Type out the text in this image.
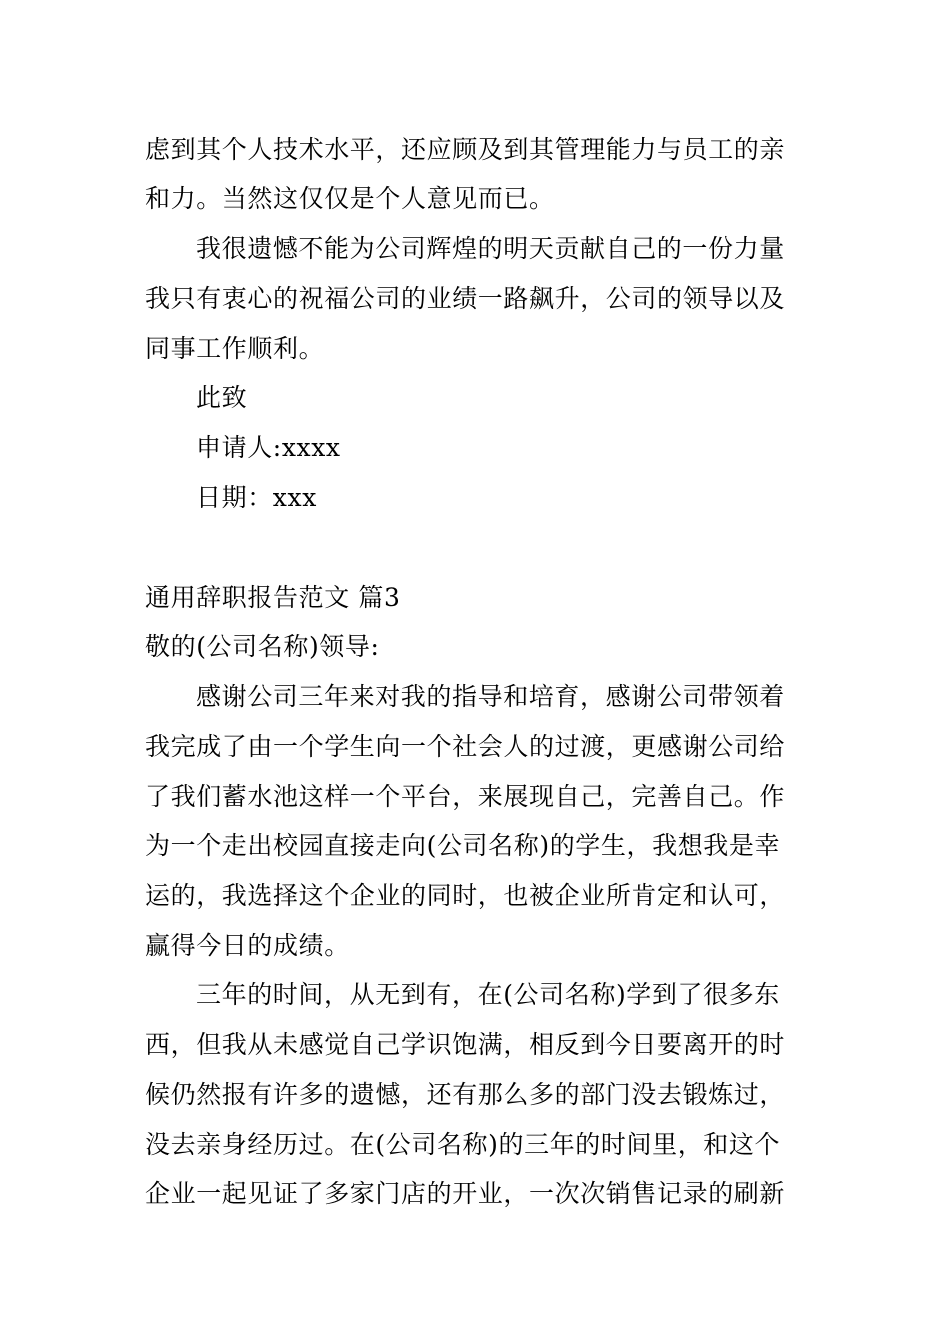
虑到其个人技术水平，还应顾及到其管理能力与员工的亲
和力。当然这仅仅是个人意见而已。
我很遗憾不能为公司辉煌的明天贡献自己的一份力量
我只有衷心的祝福公司的业绩一路飙升，公司的领导以及
同事工作顺利。
此致
申请人:xxxx
日期：xxx
通用辞职报告范文 篇3
敬的(公司名称)领导:
感谢公司三年来对我的指导和培育，感谢公司带领着
我完成了由一个学生向一个社会人的过渡，更感谢公司给
了我们蓄水池这样一个平台，来展现自己，完善自己。作
为一个走出校园直接走向(公司名称)的学生，我想我是幸
运的，我选择这个企业的同时，也被企业所肯定和认可，
赢得今日的成绩。
三年的时间，从无到有，在(公司名称)学到了很多东
西，但我从未感觉自己学识饱满，相反到今日要离开的时
候仍然报有许多的遗憾，还有那么多的部门没去锻炼过，
没去亲身经历过。在(公司名称)的三年的时间里，和这个
企业一起见证了多家门店的开业，一次次销售记录的刷新
